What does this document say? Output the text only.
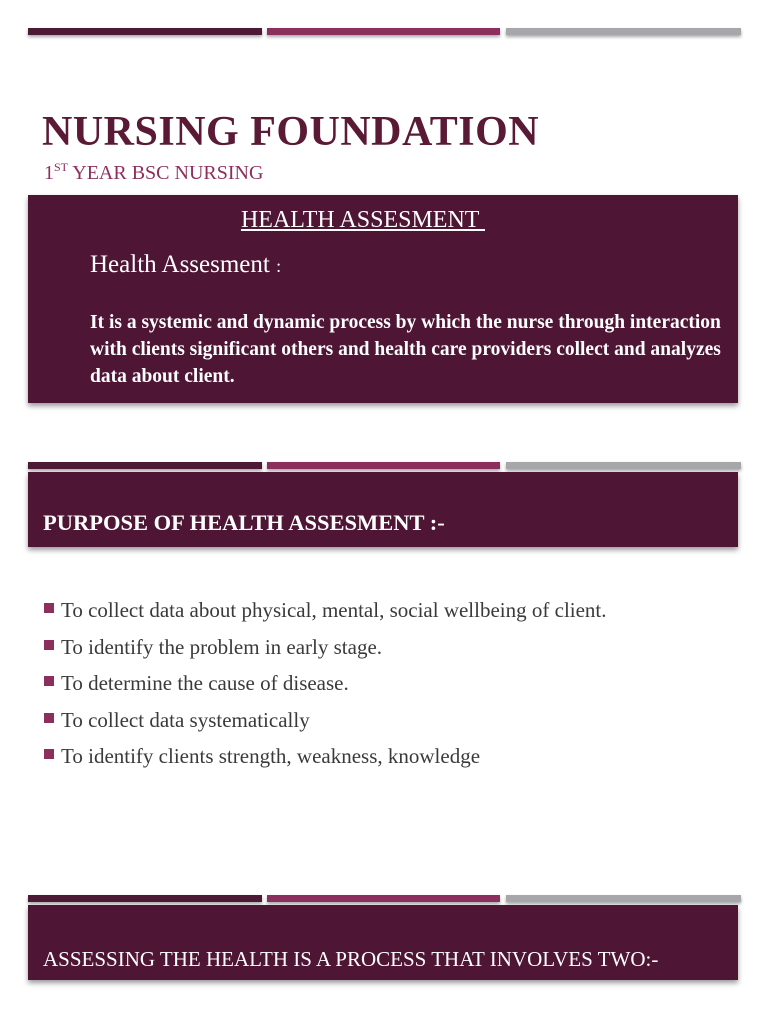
NURSING FOUNDATION

1ST YEAR BSC NURSING

HEALTH ASSESMENT
Health Assesment :
It is a systemic and dynamic process by which the nurse through interaction with clients significant others and health care providers collect and analyzes data about client.
PURPOSE OF HEALTH ASSESMENT :-
To collect data about physical, mental, social wellbeing of client.
To identify the problem in early stage.
To determine the cause of disease.
To collect data systematically
To identify clients strength, weakness, knowledge
ASSESSING THE HEALTH IS A PROCESS THAT INVOLVES TWO:-
